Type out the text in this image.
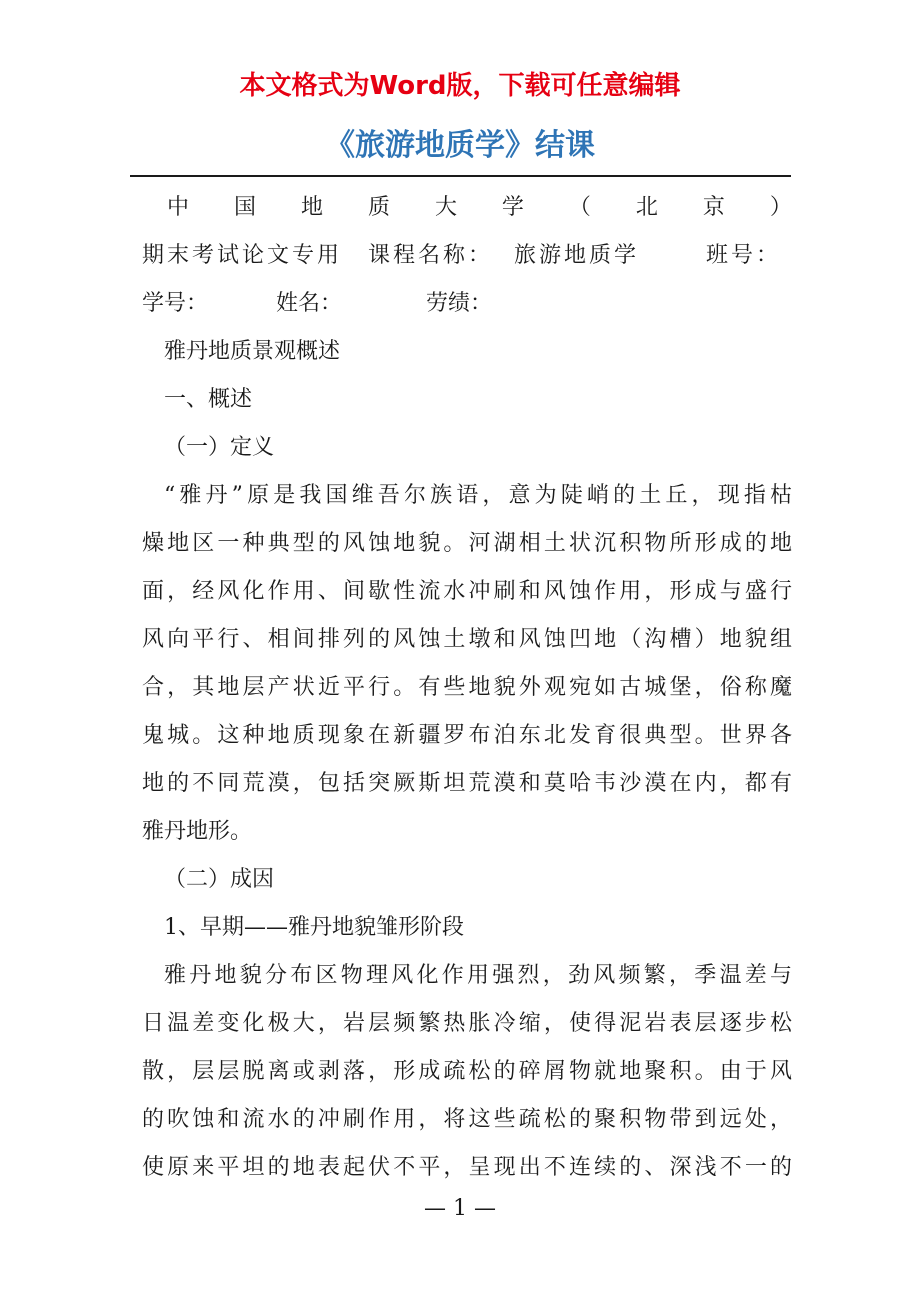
本文格式为Word版，下载可任意编辑
《旅游地质学》结课
中 国 地 质 大 学 （ 北 京 ）
期末考试论文专用	课程名称： 旅游地质学	班号：
学号：	姓名：	劳绩：
雅丹地质景观概述
一、概述
（一）定义
“雅丹”原是我国维吾尔族语，意为陡峭的土丘，现指枯
燥地区一种典型的风蚀地貌。河湖相土状沉积物所形成的地
面，经风化作用、间歇性流水冲刷和风蚀作用，形成与盛行
风向平行、相间排列的风蚀土墩和风蚀凹地（沟槽）地貌组
合，其地层产状近平行。有些地貌外观宛如古城堡，俗称魔
鬼城。这种地质现象在新疆罗布泊东北发育很典型。世界各
地的不同荒漠，包括突厥斯坦荒漠和莫哈韦沙漠在内，都有
雅丹地形。
（二）成因
1、早期——雅丹地貌雏形阶段
雅丹地貌分布区物理风化作用强烈，劲风频繁，季温差与
日温差变化极大，岩层频繁热胀冷缩，使得泥岩表层逐步松
散，层层脱离或剥落，形成疏松的碎屑物就地聚积。由于风
的吹蚀和流水的冲刷作用，将这些疏松的聚积物带到远处，
使原来平坦的地表起伏不平，呈现出不连续的、深浅不一的
— 1 —
